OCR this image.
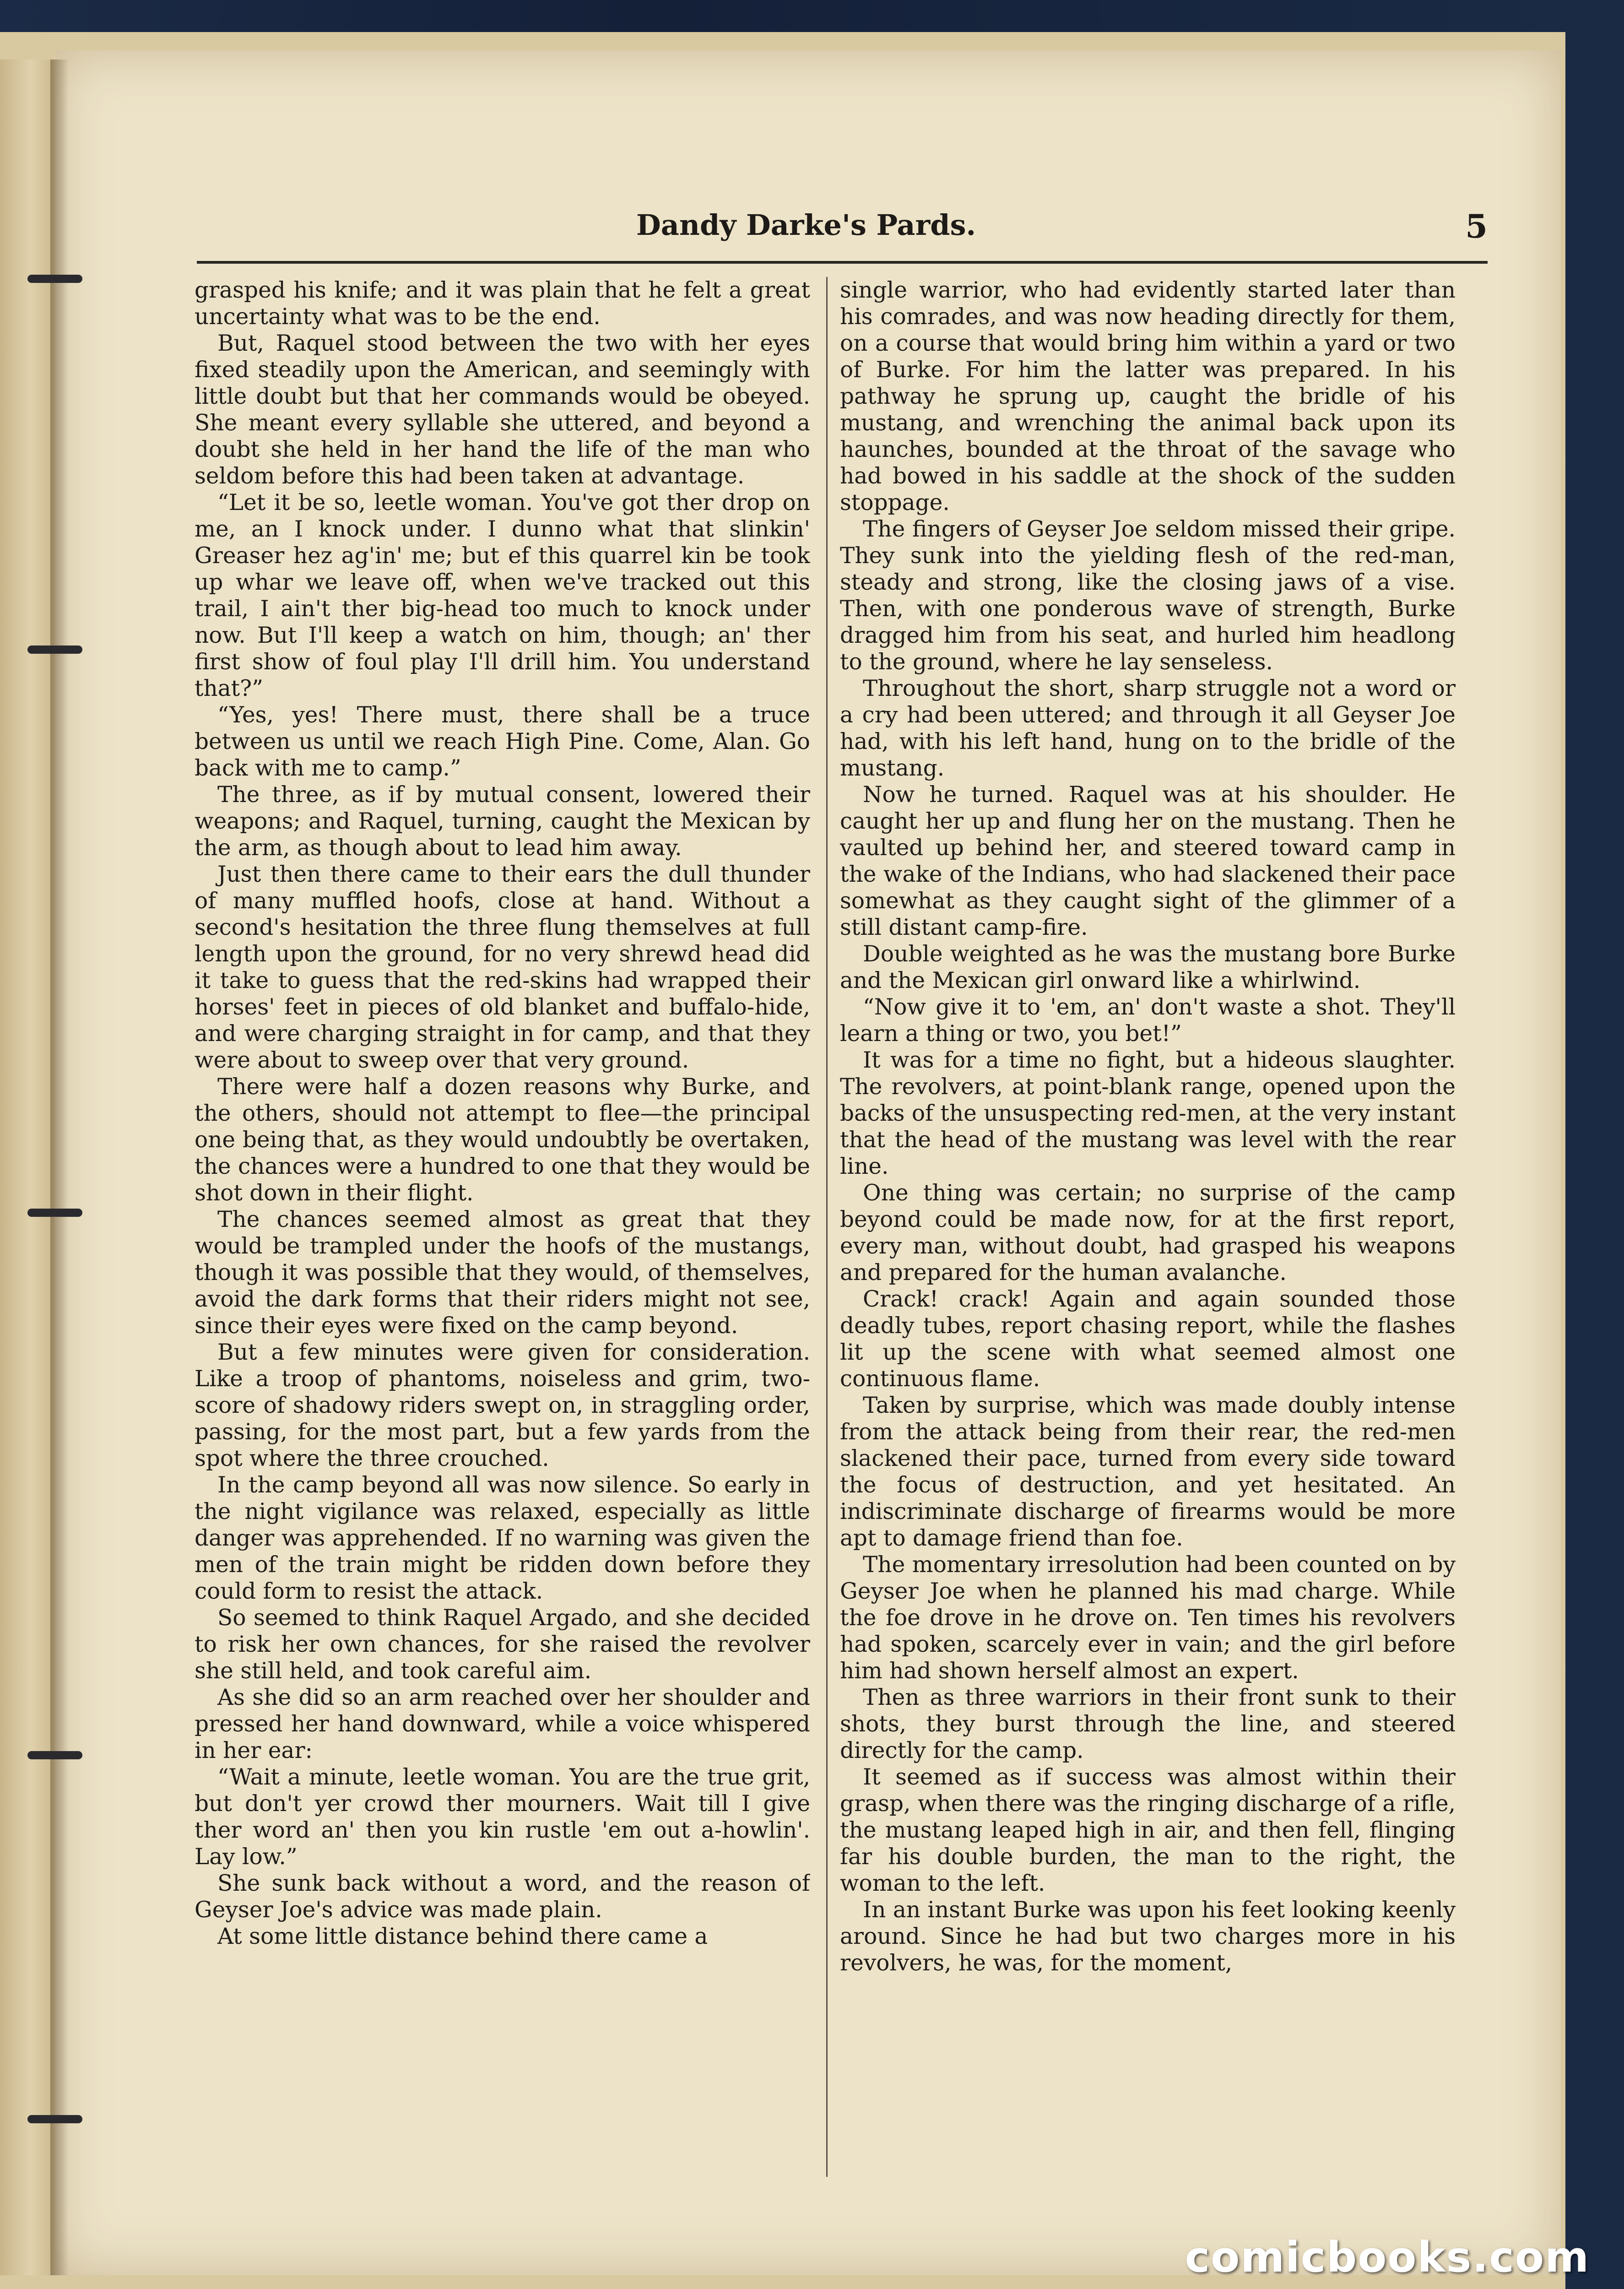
Dandy Darke's Pards.	5

grasped his knife; and it was plain that he felt a great uncertainty what was to be the end.

But, Raquel stood between the two with her eyes fixed steadily upon the American, and seemingly with little doubt but that her commands would be obeyed. She meant every syllable she uttered, and beyond a doubt she held in her hand the life of the man who seldom before this had been taken at advantage.

“Let it be so, leetle woman. You've got ther drop on me, an I knock under. I dunno what that slinkin' Greaser hez ag'in' me; but ef this quarrel kin be took up whar we leave off, when we've tracked out this trail, I ain't ther big-head too much to knock under now. But I'll keep a watch on him, though; an' ther first show of foul play I'll drill him. You understand that?”

“Yes, yes! There must, there shall be a truce between us until we reach High Pine. Come, Alan. Go back with me to camp.”

The three, as if by mutual consent, lowered their weapons; and Raquel, turning, caught the Mexican by the arm, as though about to lead him away.

Just then there came to their ears the dull thunder of many muffled hoofs, close at hand. Without a second's hesitation the three flung themselves at full length upon the ground, for no very shrewd head did it take to guess that the red-skins had wrapped their horses' feet in pieces of old blanket and buffalo-hide, and were charging straight in for camp, and that they were about to sweep over that very ground.

There were half a dozen reasons why Burke, and the others, should not attempt to flee—the principal one being that, as they would undoubtly be overtaken, the chances were a hundred to one that they would be shot down in their flight.

The chances seemed almost as great that they would be trampled under the hoofs of the mustangs, though it was possible that they would, of themselves, avoid the dark forms that their riders might not see, since their eyes were fixed on the camp beyond.

But a few minutes were given for consideration. Like a troop of phantoms, noiseless and grim, two-score of shadowy riders swept on, in straggling order, passing, for the most part, but a few yards from the spot where the three crouched.

In the camp beyond all was now silence. So early in the night vigilance was relaxed, especially as little danger was apprehended. If no warning was given the men of the train might be ridden down before they could form to resist the attack.

So seemed to think Raquel Argado, and she decided to risk her own chances, for she raised the revolver she still held, and took careful aim.

As she did so an arm reached over her shoulder and pressed her hand downward, while a voice whispered in her ear:

“Wait a minute, leetle woman. You are the true grit, but don't yer crowd ther mourners. Wait till I give ther word an' then you kin rustle 'em out a-howlin'. Lay low.”

She sunk back without a word, and the reason of Geyser Joe's advice was made plain.

At some little distance behind there came a

single warrior, who had evidently started later than his comrades, and was now heading directly for them, on a course that would bring him within a yard or two of Burke. For him the latter was prepared. In his pathway he sprung up, caught the bridle of his mustang, and wrenching the animal back upon its haunches, bounded at the throat of the savage who had bowed in his saddle at the shock of the sudden stoppage.

The fingers of Geyser Joe seldom missed their gripe. They sunk into the yielding flesh of the red-man, steady and strong, like the closing jaws of a vise. Then, with one ponderous wave of strength, Burke dragged him from his seat, and hurled him headlong to the ground, where he lay senseless.

Throughout the short, sharp struggle not a word or a cry had been uttered; and through it all Geyser Joe had, with his left hand, hung on to the bridle of the mustang.

Now he turned. Raquel was at his shoulder. He caught her up and flung her on the mustang. Then he vaulted up behind her, and steered toward camp in the wake of the Indians, who had slackened their pace somewhat as they caught sight of the glimmer of a still distant camp-fire.

Double weighted as he was the mustang bore Burke and the Mexican girl onward like a whirlwind.

“Now give it to 'em, an' don't waste a shot. They'll learn a thing or two, you bet!”

It was for a time no fight, but a hideous slaughter. The revolvers, at point-blank range, opened upon the backs of the unsuspecting red-men, at the very instant that the head of the mustang was level with the rear line.

One thing was certain; no surprise of the camp beyond could be made now, for at the first report, every man, without doubt, had grasped his weapons and prepared for the human avalanche.

Crack! crack! Again and again sounded those deadly tubes, report chasing report, while the flashes lit up the scene with what seemed almost one continuous flame.

Taken by surprise, which was made doubly intense from the attack being from their rear, the red-men slackened their pace, turned from every side toward the focus of destruction, and yet hesitated. An indiscriminate discharge of firearms would be more apt to damage friend than foe.

The momentary irresolution had been counted on by Geyser Joe when he planned his mad charge. While the foe drove in he drove on. Ten times his revolvers had spoken, scarcely ever in vain; and the girl before him had shown herself almost an expert.

Then as three warriors in their front sunk to their shots, they burst through the line, and steered directly for the camp.

It seemed as if success was almost within their grasp, when there was the ringing discharge of a rifle, the mustang leaped high in air, and then fell, flinging far his double burden, the man to the right, the woman to the left.

In an instant Burke was upon his feet looking keenly around. Since he had but two charges more in his revolvers, he was, for the moment,

comicbooks.com
